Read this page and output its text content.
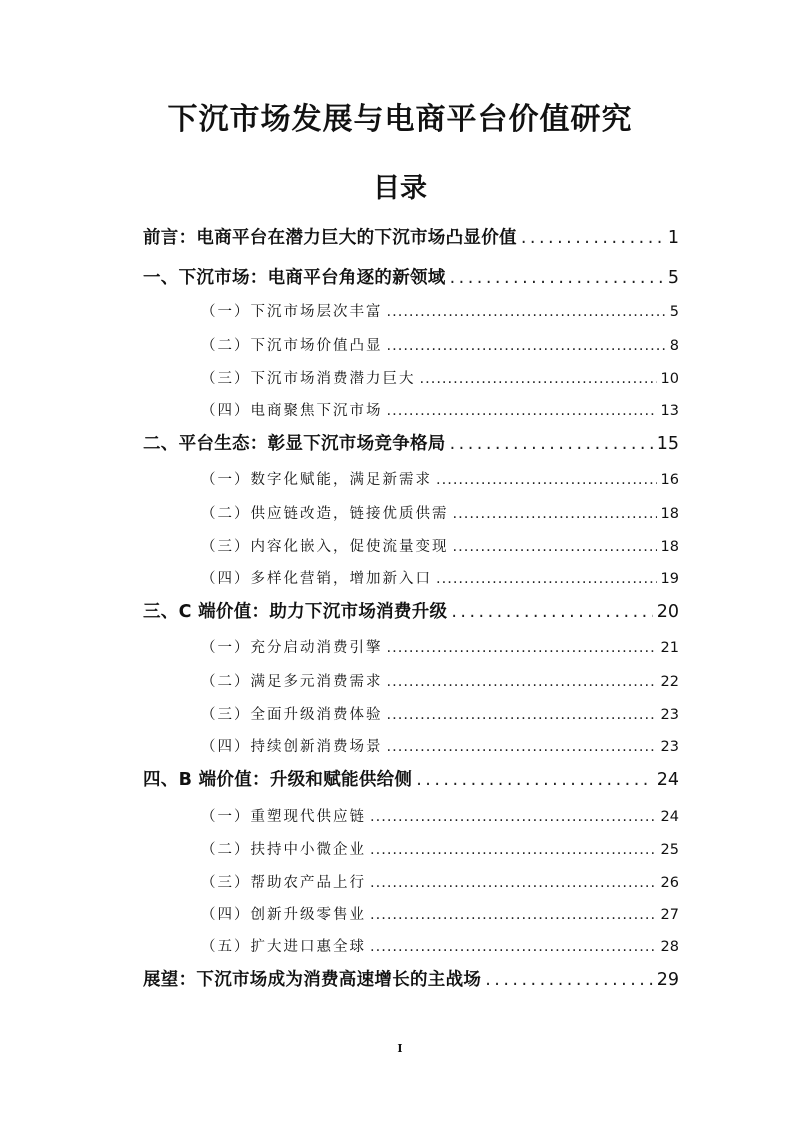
下沉市场发展与电商平台价值研究
目录
前言：电商平台在潜力巨大的下沉市场凸显价值 .....	1
一、下沉市场：电商平台角逐的新领域 .....	5
（一）下沉市场层次丰富 .....	5
（二）下沉市场价值凸显 .....	8
（三）下沉市场消费潜力巨大 .....	10
（四）电商聚焦下沉市场 .....	13
二、平台生态：彰显下沉市场竞争格局 .....	15
（一）数字化赋能，满足新需求 .....	16
（二）供应链改造，链接优质供需 .....	18
（三）内容化嵌入，促使流量变现 .....	18
（四）多样化营销，增加新入口 .....	19
三、C 端价值：助力下沉市场消费升级 .....	20
（一）充分启动消费引擎 .....	21
（二）满足多元消费需求 .....	22
（三）全面升级消费体验 .....	23
（四）持续创新消费场景 .....	23
四、B 端价值：升级和赋能供给侧 .....	24
（一）重塑现代供应链 .....	24
（二）扶持中小微企业 .....	25
（三）帮助农产品上行 .....	26
（四）创新升级零售业 .....	27
（五）扩大进口惠全球 .....	28
展望：下沉市场成为消费高速增长的主战场 .....	29
I
